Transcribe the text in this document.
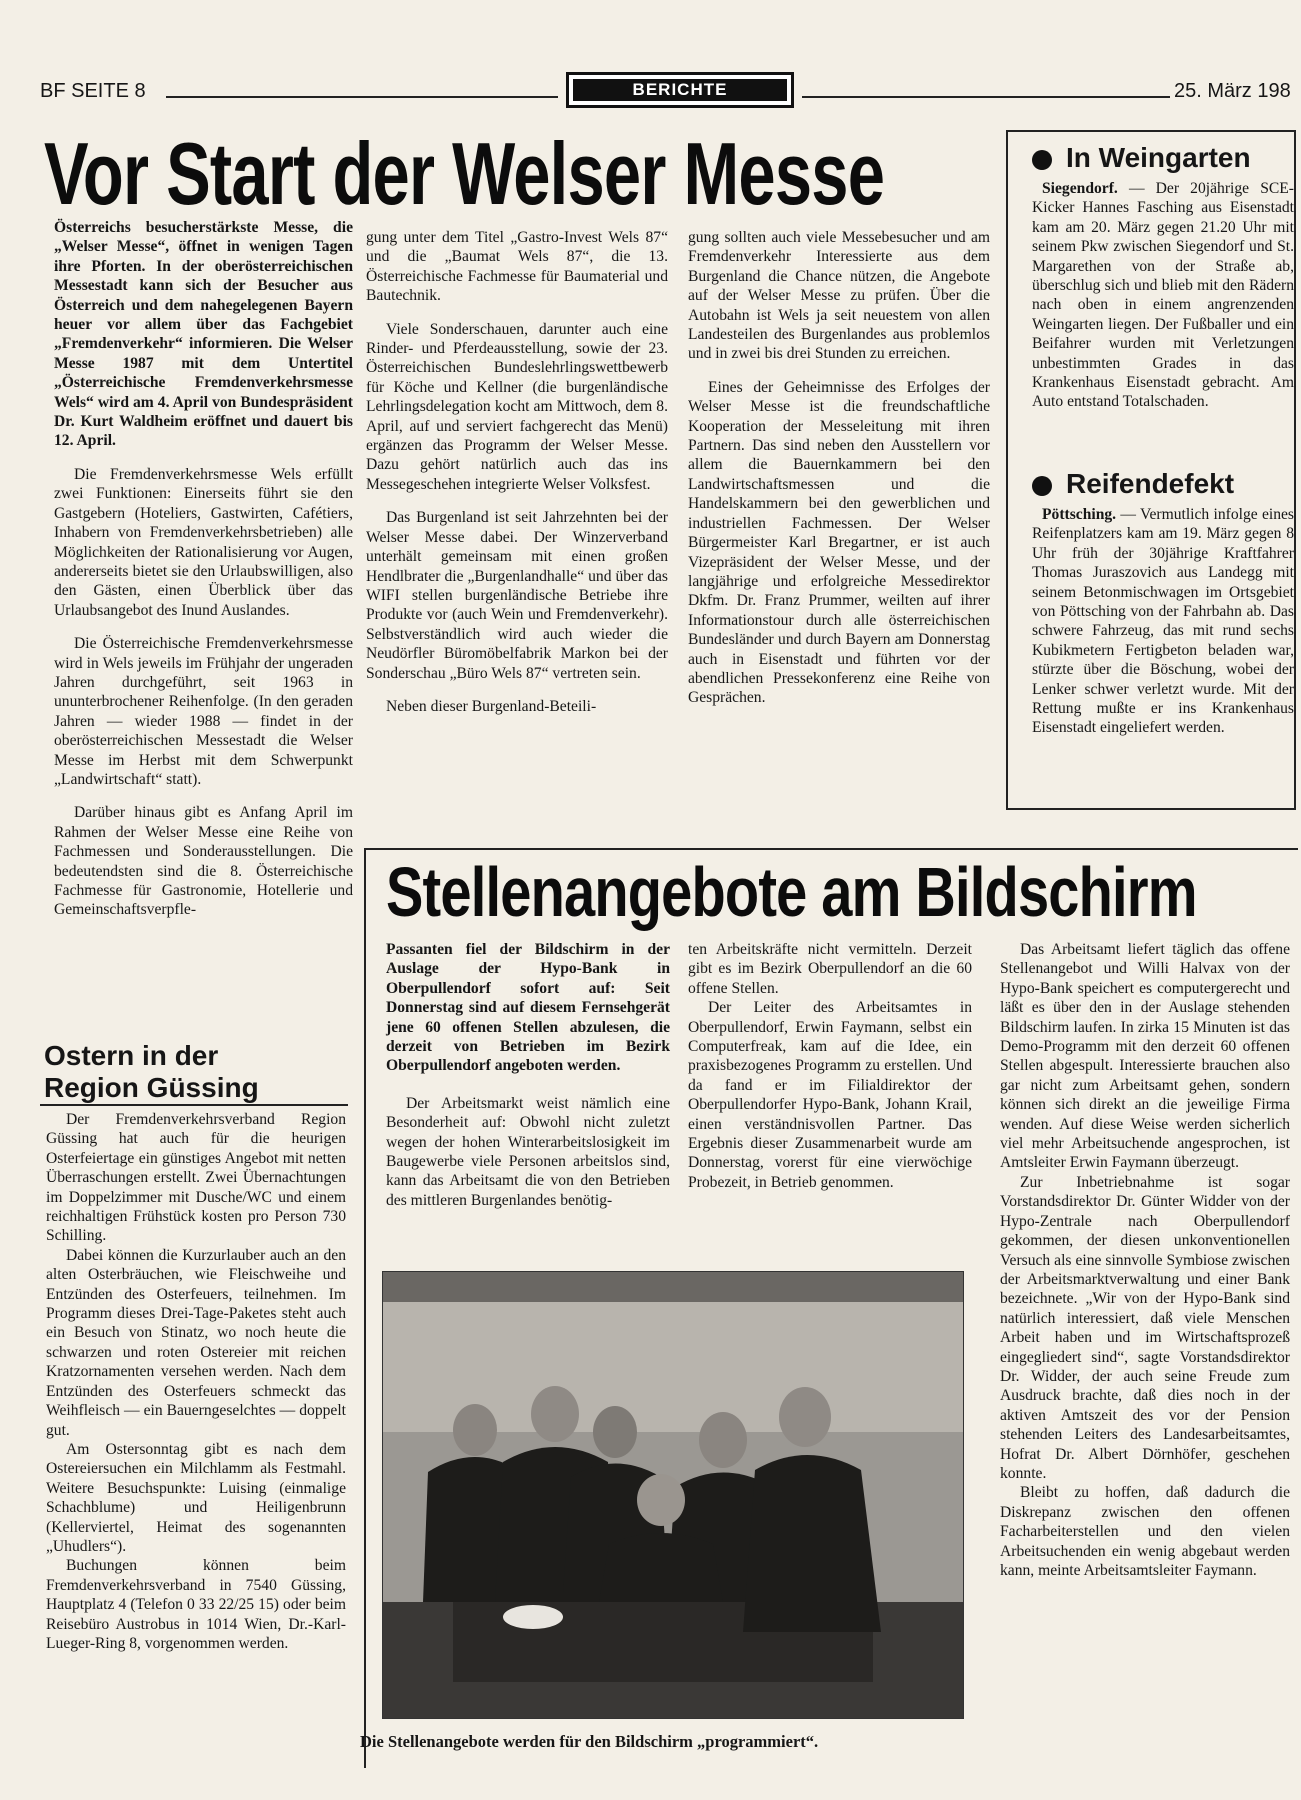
BF SEITE 8	BERICHTE	25. März 198
Vor Start der Welser Messe

Österreichs besucherstärkste Messe, die „Welser Messe“, öffnet in wenigen Tagen ihre Pforten. In der oberösterreichischen Messestadt kann sich der Besucher aus Österreich und dem nahegelegenen Bayern heuer vor allem über das Fachgebiet „Fremdenverkehr“ informieren. Die Welser Messe 1987 mit dem Untertitel „Österreichische Fremdenverkehrsmesse Wels“ wird am 4. April von Bundespräsident Dr. Kurt Waldheim eröffnet und dauert bis 12. April.

Die Fremdenverkehrsmesse Wels erfüllt zwei Funktionen: Einerseits führt sie den Gastgebern (Hoteliers, Gastwirten, Cafétiers, Inhabern von Fremdenverkehrsbetrieben) alle Möglichkeiten der Rationalisierung vor Augen, andererseits bietet sie den Urlaubswilligen, also den Gästen, einen Überblick über das Urlaubsangebot des Inund Auslandes.

Die Österreichische Fremdenverkehrsmesse wird in Wels jeweils im Frühjahr der ungeraden Jahren durchgeführt, seit 1963 in ununterbrochener Reihenfolge. (In den geraden Jahren — wieder 1988 — findet in der oberösterreichischen Messestadt die Welser Messe im Herbst mit dem Schwerpunkt „Landwirtschaft“ statt).

Darüber hinaus gibt es Anfang April im Rahmen der Welser Messe eine Reihe von Fachmessen und Sonderausstellungen. Die bedeutendsten sind die 8. Österreichische Fachmesse für Gastronomie, Hotellerie und Gemeinschaftsverpfle-

gung unter dem Titel „Gastro-Invest Wels 87“ und die „Baumat Wels 87“, die 13. Österreichische Fachmesse für Baumaterial und Bautechnik.

Viele Sonderschauen, darunter auch eine Rinder- und Pferdeausstellung, sowie der 23. Österreichischen Bundeslehrlingswettbewerb für Köche und Kellner (die burgenländische Lehrlingsdelegation kocht am Mittwoch, dem 8. April, auf und serviert fachgerecht das Menü) ergänzen das Programm der Welser Messe. Dazu gehört natürlich auch das ins Messegeschehen integrierte Welser Volksfest.

Das Burgenland ist seit Jahrzehnten bei der Welser Messe dabei. Der Winzerverband unterhält gemeinsam mit einen großen Hendlbrater die „Burgenlandhalle“ und über das WIFI stellen burgenländische Betriebe ihre Produkte vor (auch Wein und Fremdenverkehr). Selbstverständlich wird auch wieder die Neudörfler Büromöbelfabrik Markon bei der Sonderschau „Büro Wels 87“ vertreten sein.

Neben dieser Burgenland-Beteili-

gung sollten auch viele Messebesucher und am Fremdenverkehr Interessierte aus dem Burgenland die Chance nützen, die Angebote auf der Welser Messe zu prüfen. Über die Autobahn ist Wels ja seit neuestem von allen Landesteilen des Burgenlandes aus problemlos und in zwei bis drei Stunden zu erreichen.

Eines der Geheimnisse des Erfolges der Welser Messe ist die freundschaftliche Kooperation der Messeleitung mit ihren Partnern. Das sind neben den Ausstellern vor allem die Bauernkammern bei den Landwirtschaftsmessen und die Handelskammern bei den gewerblichen und industriellen Fachmessen. Der Welser Bürgermeister Karl Bregartner, er ist auch Vizepräsident der Welser Messe, und der langjährige und erfolgreiche Messedirektor Dkfm. Dr. Franz Prummer, weilten auf ihrer Informationstour durch alle österreichischen Bundesländer und durch Bayern am Donnerstag auch in Eisenstadt und führten vor der abendlichen Pressekonferenz eine Reihe von Gesprächen.

In Weingarten
Siegendorf. — Der 20jährige SCE-Kicker Hannes Fasching aus Eisenstadt kam am 20. März gegen 21.20 Uhr mit seinem Pkw zwischen Siegendorf und St. Margarethen von der Straße ab, überschlug sich und blieb mit den Rädern nach oben in einem angrenzenden Weingarten liegen. Der Fußballer und ein Beifahrer wurden mit Verletzungen unbestimmten Grades in das Krankenhaus Eisenstadt gebracht. Am Auto entstand Totalschaden.
Reifendefekt
Pöttsching. — Vermutlich infolge eines Reifenplatzers kam am 19. März gegen 8 Uhr früh der 30jährige Kraftfahrer Thomas Juraszovich aus Landegg mit seinem Betonmischwagen im Ortsgebiet von Pöttsching von der Fahrbahn ab. Das schwere Fahrzeug, das mit rund sechs Kubikmetern Fertigbeton beladen war, stürzte über die Böschung, wobei der Lenker schwer verletzt wurde. Mit der Rettung mußte er ins Krankenhaus Eisenstadt eingeliefert werden.
Ostern in der Region Güssing

Der Fremdenverkehrsverband Region Güssing hat auch für die heurigen Osterfeiertage ein günstiges Angebot mit netten Überraschungen erstellt. Zwei Übernachtungen im Doppelzimmer mit Dusche/WC und einem reichhaltigen Frühstück kosten pro Person 730 Schilling.

Dabei können die Kurzurlauber auch an den alten Osterbräuchen, wie Fleischweihe und Entzünden des Osterfeuers, teilnehmen. Im Programm dieses Drei-Tage-Paketes steht auch ein Besuch von Stinatz, wo noch heute die schwarzen und roten Ostereier mit reichen Kratzornamenten versehen werden. Nach dem Entzünden des Osterfeuers schmeckt das Weihfleisch — ein Bauerngeselchtes — doppelt gut.

Am Ostersonntag gibt es nach dem Ostereiersuchen ein Milchlamm als Festmahl. Weitere Besuchspunkte: Luising (einmalige Schachblume) und Heiligenbrunn (Kellerviertel, Heimat des sogenannten „Uhudlers“).

Buchungen können beim Fremdenverkehrsverband in 7540 Güssing, Hauptplatz 4 (Telefon 0 33 22/25 15) oder beim Reisebüro Austrobus in 1014 Wien, Dr.-Karl-Lueger-Ring 8, vorgenommen werden.

Stellenangebote am Bildschirm

Passanten fiel der Bildschirm in der Auslage der Hypo-Bank in Oberpullendorf sofort auf: Seit Donnerstag sind auf diesem Fernsehgerät jene 60 offenen Stellen abzulesen, die derzeit von Betrieben im Bezirk Oberpullendorf angeboten werden.

Der Arbeitsmarkt weist nämlich eine Besonderheit auf: Obwohl nicht zuletzt wegen der hohen Winterarbeitslosigkeit im Baugewerbe viele Personen arbeitslos sind, kann das Arbeitsamt die von den Betrieben des mittleren Burgenlandes benötig-

ten Arbeitskräfte nicht vermitteln. Derzeit gibt es im Bezirk Oberpullendorf an die 60 offene Stellen.

Der Leiter des Arbeitsamtes in Oberpullendorf, Erwin Faymann, selbst ein Computerfreak, kam auf die Idee, ein praxisbezogenes Programm zu erstellen. Und da fand er im Filialdirektor der Oberpullendorfer Hypo-Bank, Johann Krail, einen verständnisvollen Partner. Das Ergebnis dieser Zusammenarbeit wurde am Donnerstag, vorerst für eine vierwöchige Probezeit, in Betrieb genommen.

Das Arbeitsamt liefert täglich das offene Stellenangebot und Willi Halvax von der Hypo-Bank speichert es computergerecht und läßt es über den in der Auslage stehenden Bildschirm laufen. In zirka 15 Minuten ist das Demo-Programm mit den derzeit 60 offenen Stellen abgespult. Interessierte brauchen also gar nicht zum Arbeitsamt gehen, sondern können sich direkt an die jeweilige Firma wenden. Auf diese Weise werden sicherlich viel mehr Arbeitsuchende angesprochen, ist Amtsleiter Erwin Faymann überzeugt.

Zur Inbetriebnahme ist sogar Vorstandsdirektor Dr. Günter Widder von der Hypo-Zentrale nach Oberpullendorf gekommen, der diesen unkonventionellen Versuch als eine sinnvolle Symbiose zwischen der Arbeitsmarktverwaltung und einer Bank bezeichnete. „Wir von der Hypo-Bank sind natürlich interessiert, daß viele Menschen Arbeit haben und im Wirtschaftsprozeß eingegliedert sind“, sagte Vorstandsdirektor Dr. Widder, der auch seine Freude zum Ausdruck brachte, daß dies noch in der aktiven Amtszeit des vor der Pension stehenden Leiters des Landesarbeitsamtes, Hofrat Dr. Albert Dörnhöfer, geschehen konnte.

Bleibt zu hoffen, daß dadurch die Diskrepanz zwischen den offenen Facharbeiterstellen und den vielen Arbeitsuchenden ein wenig abgebaut werden kann, meinte Arbeitsamtsleiter Faymann.

Die Stellenangebote werden für den Bildschirm „programmiert“.
